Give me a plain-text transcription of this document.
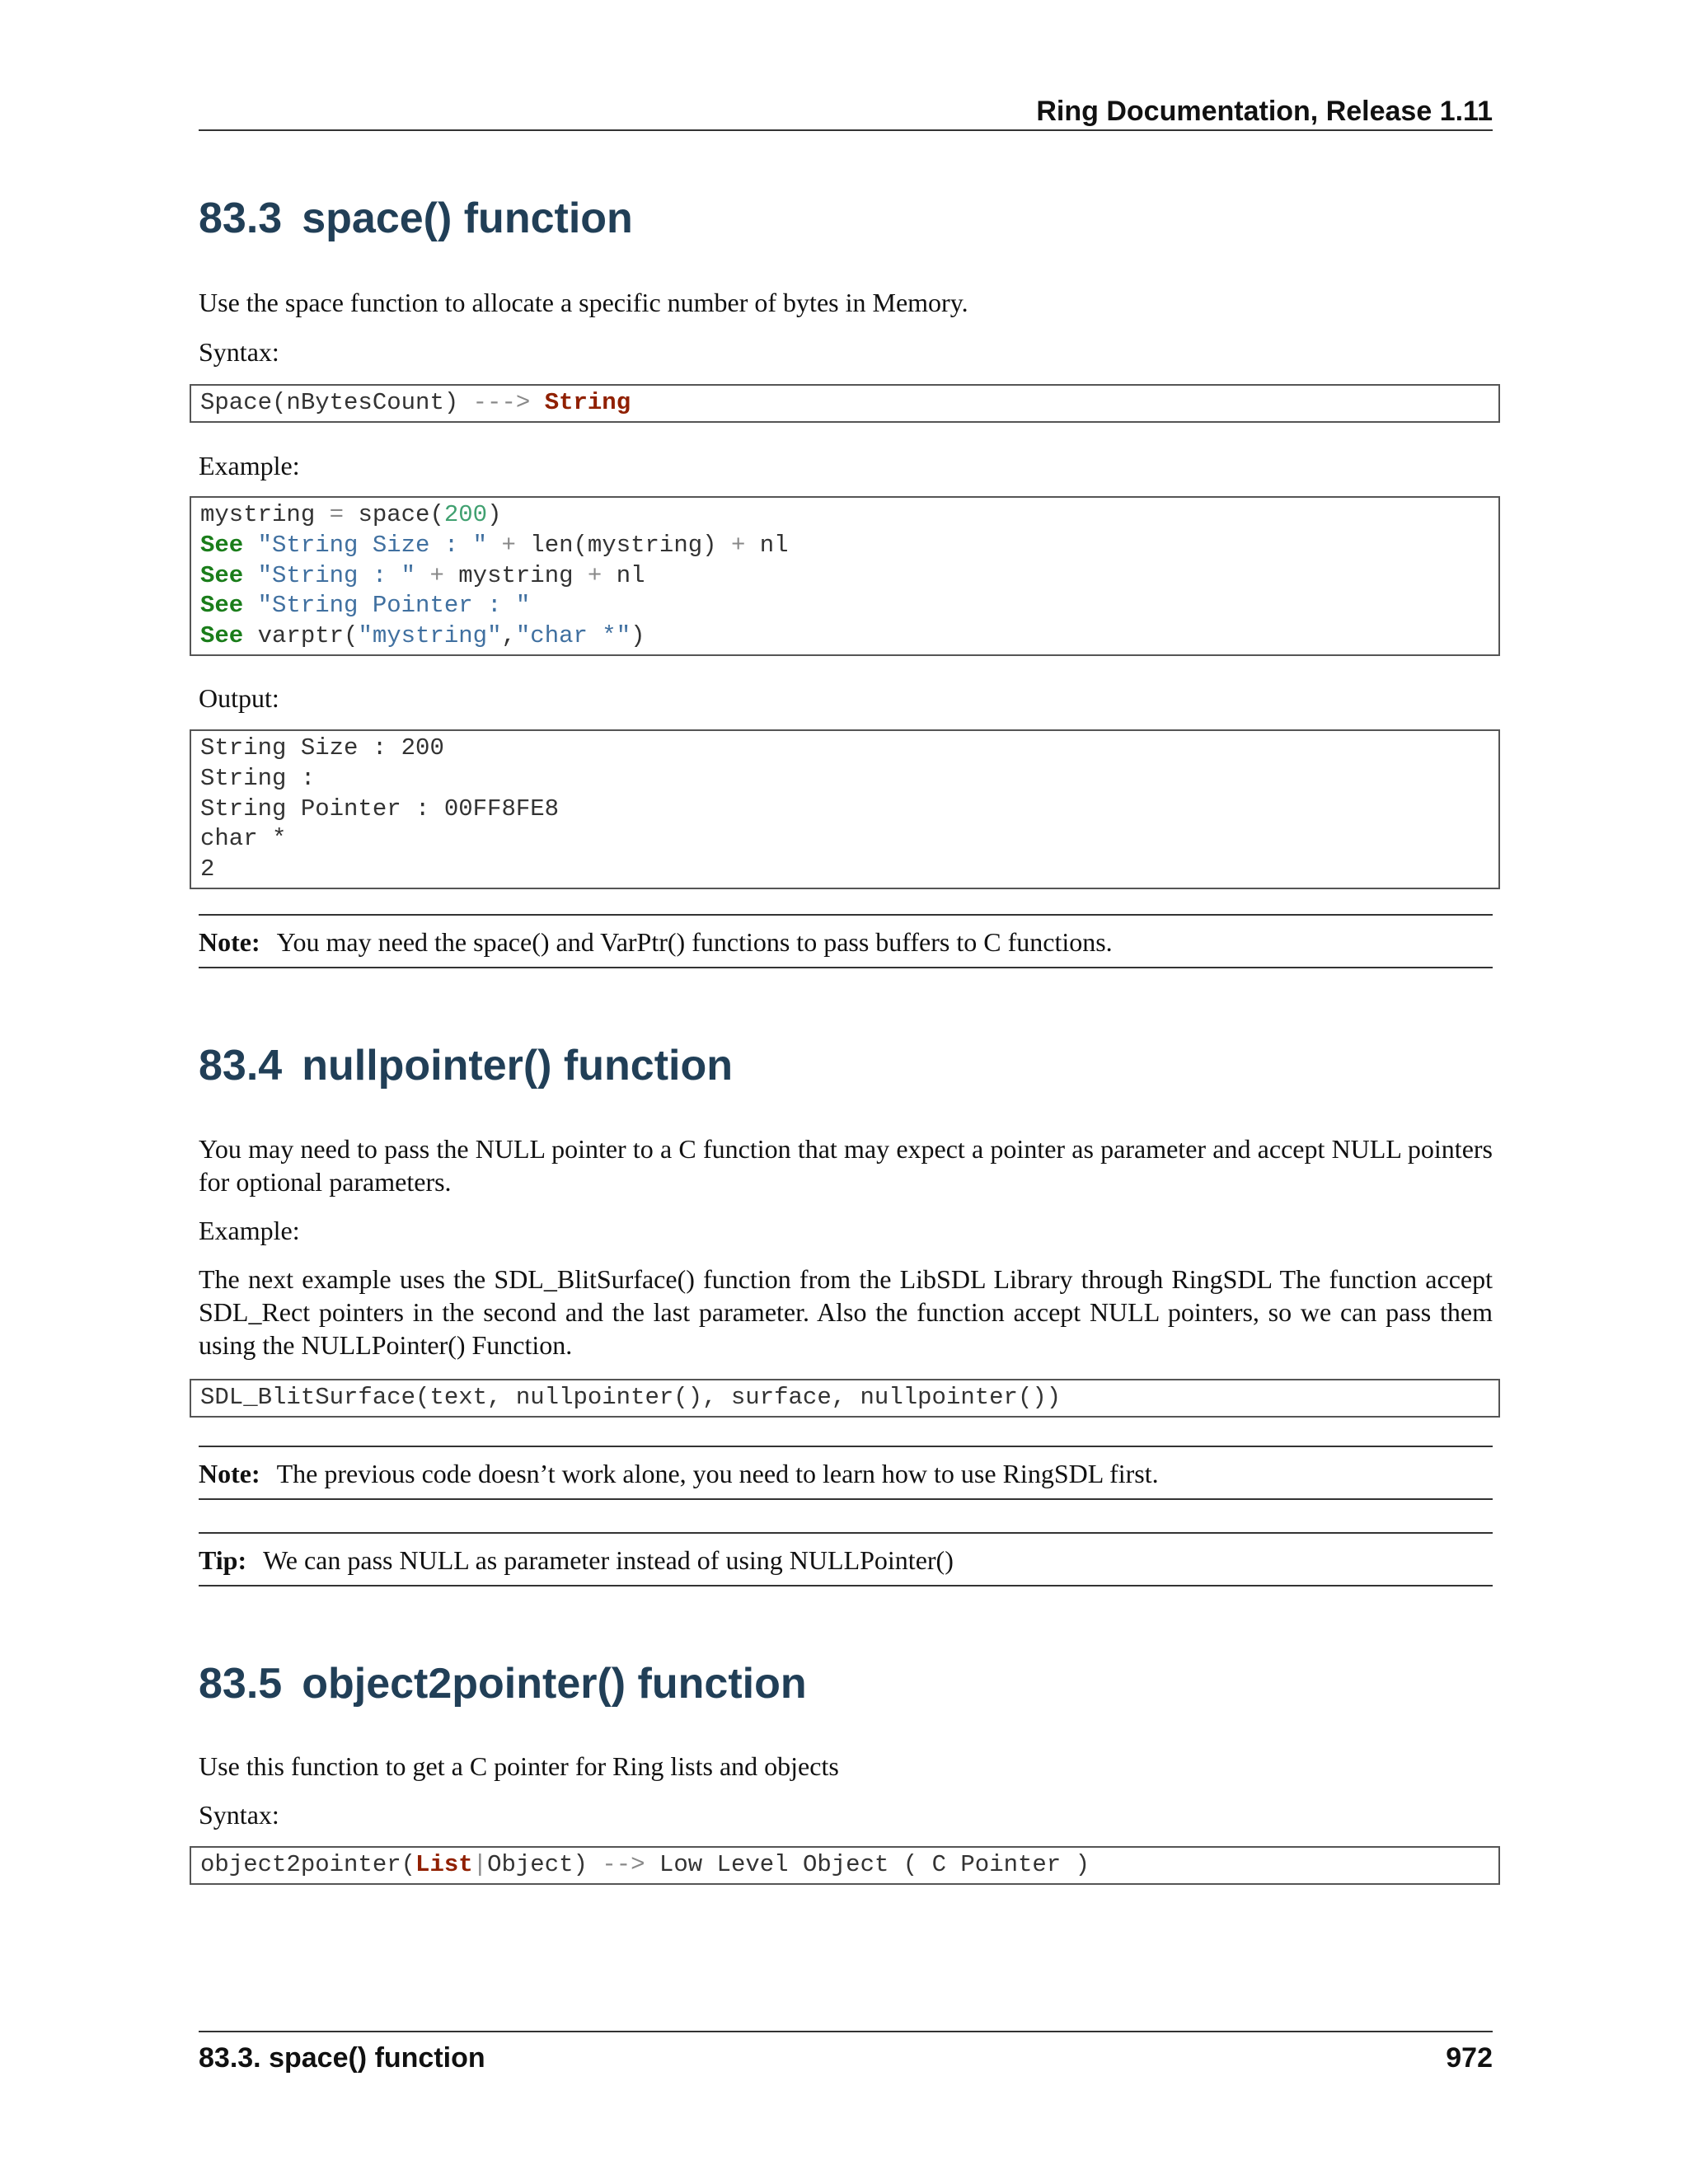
Ring Documentation, Release 1.11
83.3 space() function

Use the space function to allocate a specific number of bytes in Memory.

Syntax:

Space(nBytesCount) ---> String

Example:

mystring = space(200)
See "String Size : " + len(mystring) + nl
See "String : " + mystring + nl
See "String Pointer : "
See varptr("mystring","char *")

Output:

String Size : 200
String :
String Pointer : 00FF8FE8
char *
2
Note: You may need the space() and VarPtr() functions to pass buffers to C functions.
83.4 nullpointer() function

You may need to pass the NULL pointer to a C function that may expect a pointer as parameter and accept NULL pointers for optional parameters.

Example:

The next example uses the SDL_BlitSurface() function from the LibSDL Library through RingSDL The function accept SDL_Rect pointers in the second and the last parameter. Also the function accept NULL pointers, so we can pass them using the NULLPointer() Function.

SDL_BlitSurface(text, nullpointer(), surface, nullpointer())
Note: The previous code doesn’t work alone, you need to learn how to use RingSDL first.
Tip: We can pass NULL as parameter instead of using NULLPointer()
83.5 object2pointer() function

Use this function to get a C pointer for Ring lists and objects

Syntax:

object2pointer(List|Object) --> Low Level Object ( C Pointer )
83.3. space() function	972
